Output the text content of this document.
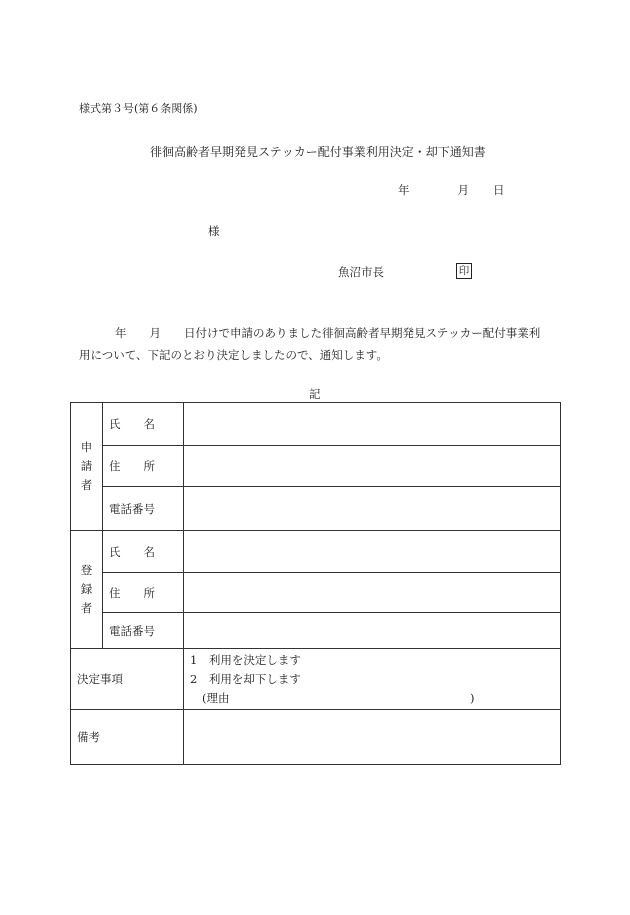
様式第３号(第６条関係)
徘徊高齢者早期発見ステッカー配付事業利用決定・却下通知書
年	月 日
様
魚沼市長	印
年　　月　　日付けで申請のありました徘徊高齢者早期発見ステッカー配付事業利
用について、下記のとおり決定しましたので、通知します。
記
申
請
者	氏　　名	
	住　　所	
	電話番号	

登
録
者	氏　　名	
	住　　所	
	電話番号	
決定事項		1　利用を決定します
2　利用を却下します
(理由 )

備考		
